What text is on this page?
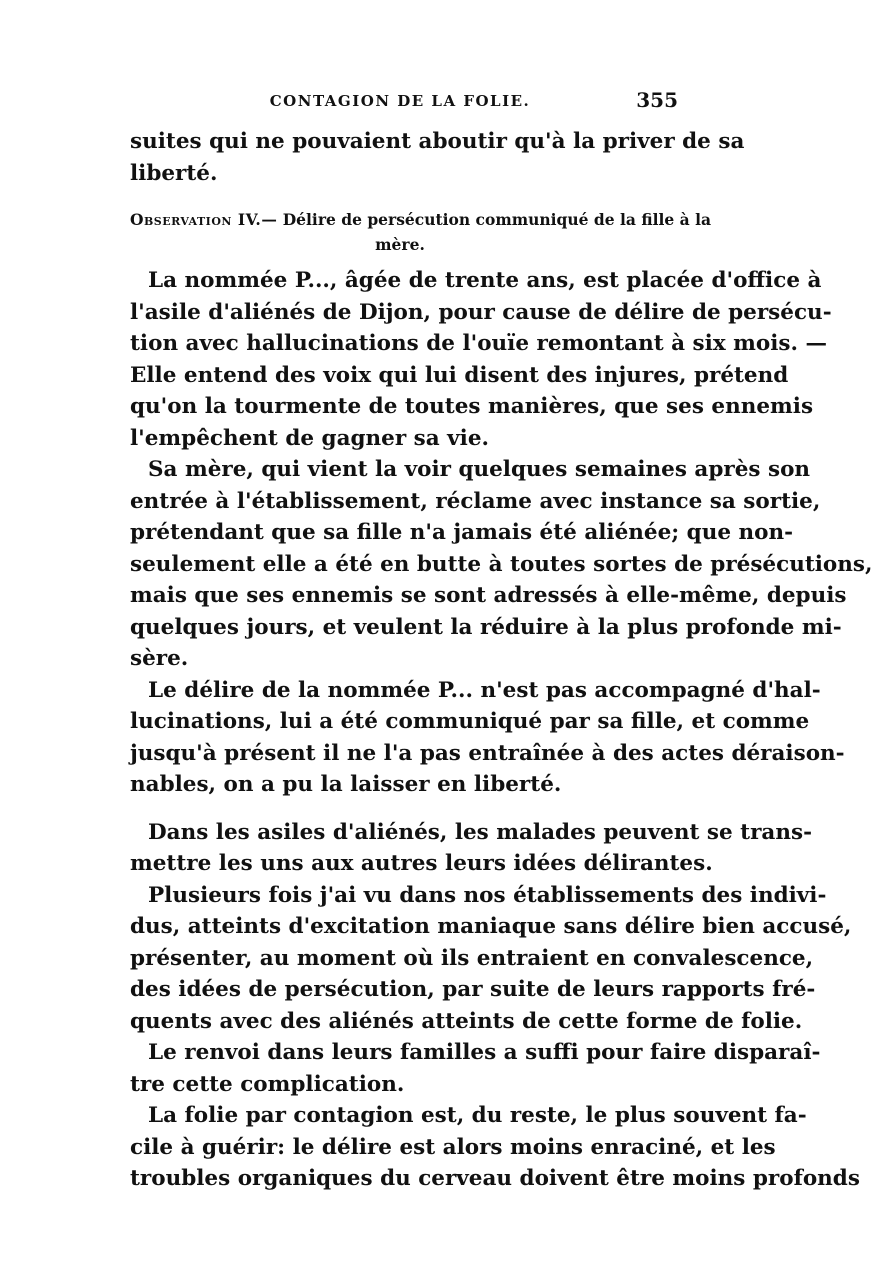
CONTAGION DE LA FOLIE.	355

suites qui ne pouvaient aboutir qu'à la priver de sa
liberté.

Observation IV.— Délire de persécution communiqué de la fille à la
mère.

La nommée P..., âgée de trente ans, est placée d'office à
l'asile d'aliénés de Dijon, pour cause de délire de persécu-
tion avec hallucinations de l'ouïe remontant à six mois. —
Elle entend des voix qui lui disent des injures, prétend
qu'on la tourmente de toutes manières, que ses ennemis
l'empêchent de gagner sa vie.

Sa mère, qui vient la voir quelques semaines après son
entrée à l'établissement, réclame avec instance sa sortie,
prétendant que sa fille n'a jamais été aliénée; que non-
seulement elle a été en butte à toutes sortes de présécutions,
mais que ses ennemis se sont adressés à elle-même, depuis
quelques jours, et veulent la réduire à la plus profonde mi-
sère.

Le délire de la nommée P... n'est pas accompagné d'hal-
lucinations, lui a été communiqué par sa fille, et comme
jusqu'à présent il ne l'a pas entraînée à des actes déraison-
nables, on a pu la laisser en liberté.

Dans les asiles d'aliénés, les malades peuvent se trans-
mettre les uns aux autres leurs idées délirantes.

Plusieurs fois j'ai vu dans nos établissements des indivi-
dus, atteints d'excitation maniaque sans délire bien accusé,
présenter, au moment où ils entraient en convalescence,
des idées de persécution, par suite de leurs rapports fré-
quents avec des aliénés atteints de cette forme de folie.

Le renvoi dans leurs familles a suffi pour faire disparaî-
tre cette complication.

La folie par contagion est, du reste, le plus souvent fa-
cile à guérir: le délire est alors moins enraciné, et les
troubles organiques du cerveau doivent être moins profonds
